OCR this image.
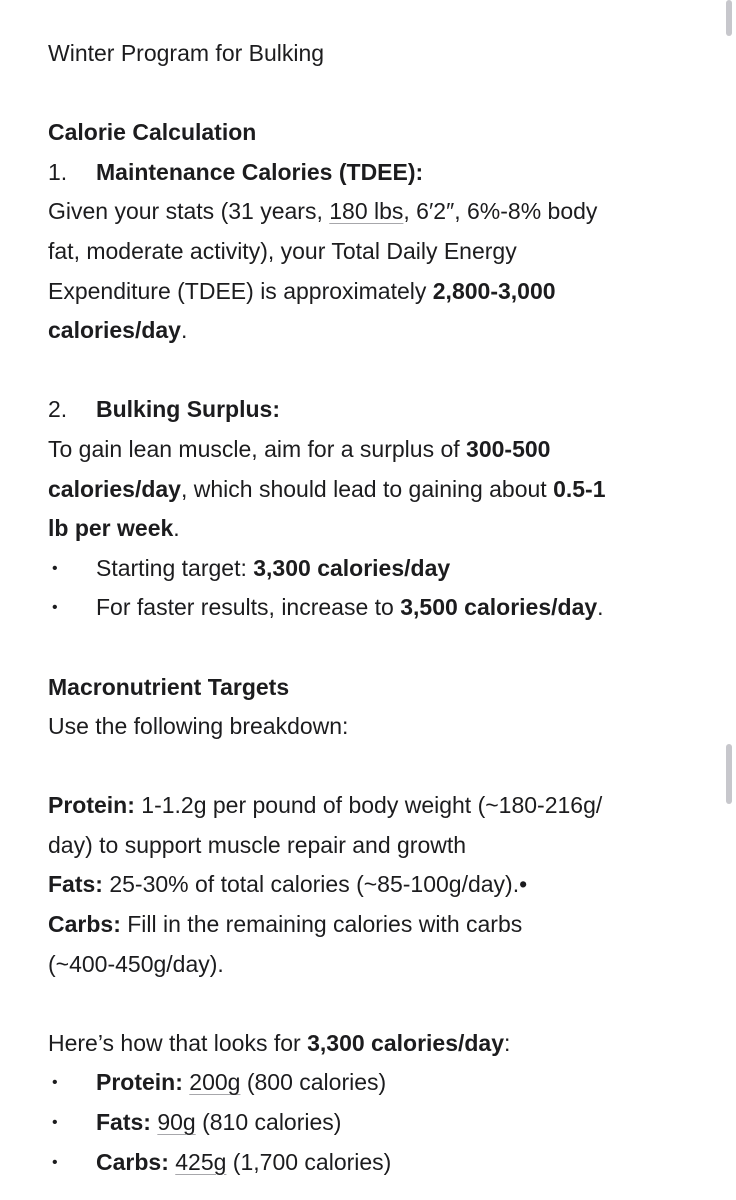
Winter Program for Bulking
Calorie Calculation
1. Maintenance Calories (TDEE):
Given your stats (31 years, 180 lbs, 6′2″, 6%-8% body
fat, moderate activity), your Total Daily Energy
Expenditure (TDEE) is approximately 2,800-3,000
calories/day.
2. Bulking Surplus:
To gain lean muscle, aim for a surplus of 300-500
calories/day, which should lead to gaining about 0.5-1
lb per week.
• Starting target: 3,300 calories/day
• For faster results, increase to 3,500 calories/day.
Macronutrient Targets
Use the following breakdown:
Protein: 1-1.2g per pound of body weight (~180-216g/
day) to support muscle repair and growth
Fats: 25-30% of total calories (~85-100g/day).•
Carbs: Fill in the remaining calories with carbs
(~400-450g/day).
Here’s how that looks for 3,300 calories/day:
• Protein: 200g (800 calories)
• Fats: 90g (810 calories)
• Carbs: 425g (1,700 calories)
